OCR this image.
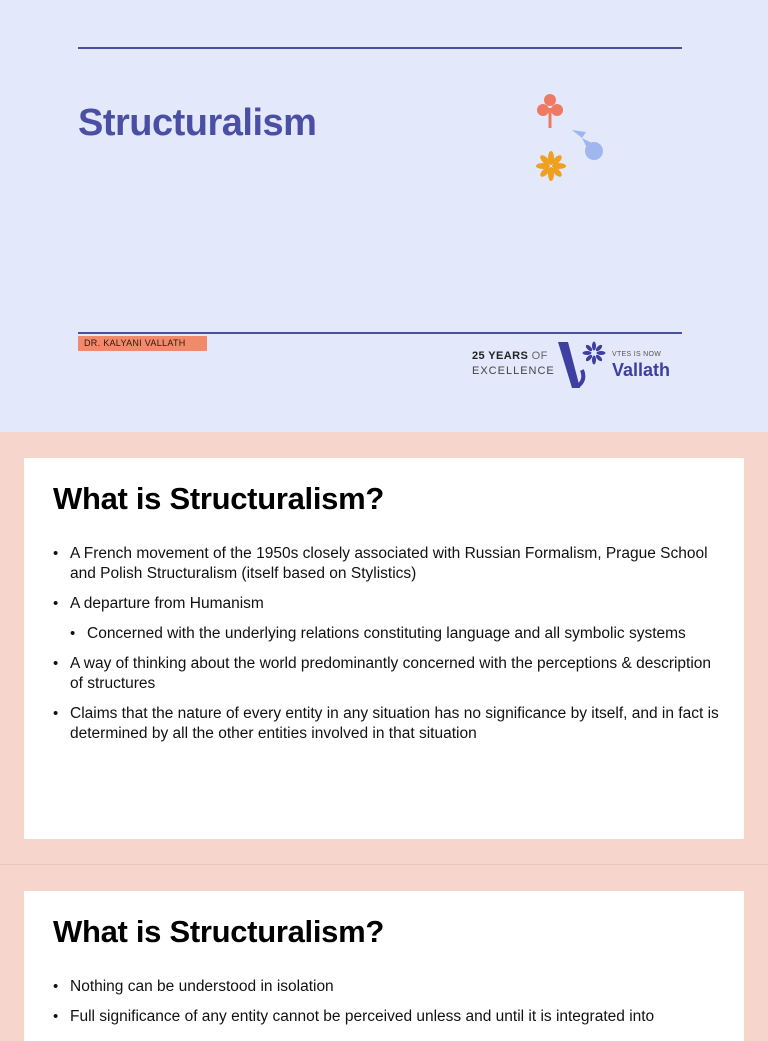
Structuralism
DR. KALYANI VALLATH
25 YEARS OF
EXCELLENCE
VTES IS NOW
Vallath
What is Structuralism?
• A French movement of the 1950s closely associated with Russian Formalism, Prague School and Polish Structuralism (itself based on Stylistics)
• A departure from Humanism
• Concerned with the underlying relations constituting language and all symbolic systems
• A way of thinking about the world predominantly concerned with the perceptions & description of structures
• Claims that the nature of every entity in any situation has no significance by itself, and in fact is determined by all the other entities involved in that situation
What is Structuralism?
• Nothing can be understood in isolation
• Full significance of any entity cannot be perceived unless and until it is integrated into
